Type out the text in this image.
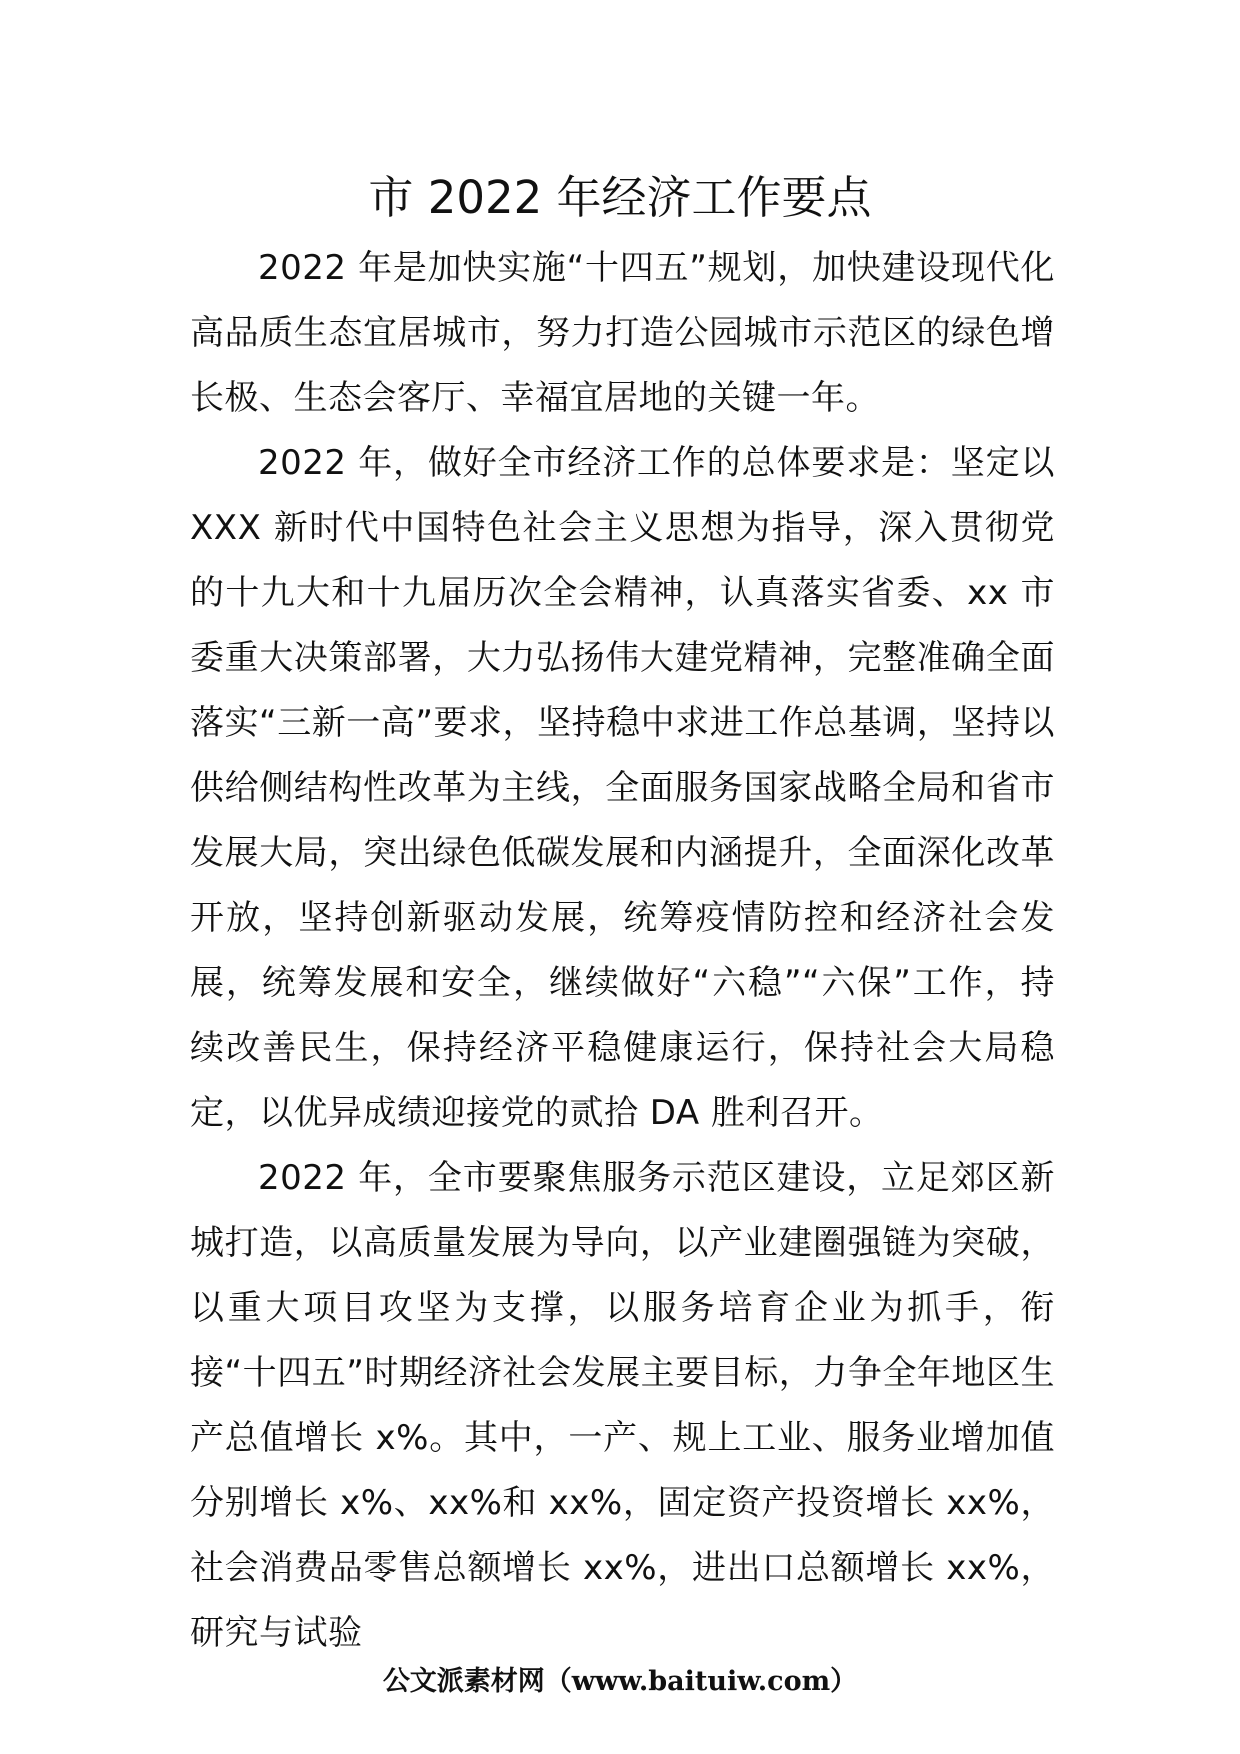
市 2022 年经济工作要点

2022 年是加快实施“十四五”规划，加快建设现代化高品质生态宜居城市，努力打造公园城市示范区的绿色增长极、生态会客厅、幸福宜居地的关键一年。

2022 年，做好全市经济工作的总体要求是：坚定以 XXX 新时代中国特色社会主义思想为指导，深入贯彻党的十九大和十九届历次全会精神，认真落实省委、xx 市委重大决策部署，大力弘扬伟大建党精神，完整准确全面落实“三新一高”要求，坚持稳中求进工作总基调，坚持以供给侧结构性改革为主线，全面服务国家战略全局和省市发展大局，突出绿色低碳发展和内涵提升，全面深化改革开放，坚持创新驱动发展，统筹疫情防控和经济社会发展，统筹发展和安全，继续做好“六稳”“六保”工作，持续改善民生，保持经济平稳健康运行，保持社会大局稳定，以优异成绩迎接党的贰拾 DA 胜利召开。

2022 年，全市要聚焦服务示范区建设，立足郊区新城打造，以高质量发展为导向，以产业建圈强链为突破，以重大项目攻坚为支撑，以服务培育企业为抓手，衔接“十四五”时期经济社会发展主要目标，力争全年地区生产总值增长 x%。其中，一产、规上工业、服务业增加值分别增长 x%、xx%和 xx%，固定资产投资增长 xx%，社会消费品零售总额增长 xx%，进出口总额增长 xx%，研究与试验

公文派素材网（www.baituiw.com）
